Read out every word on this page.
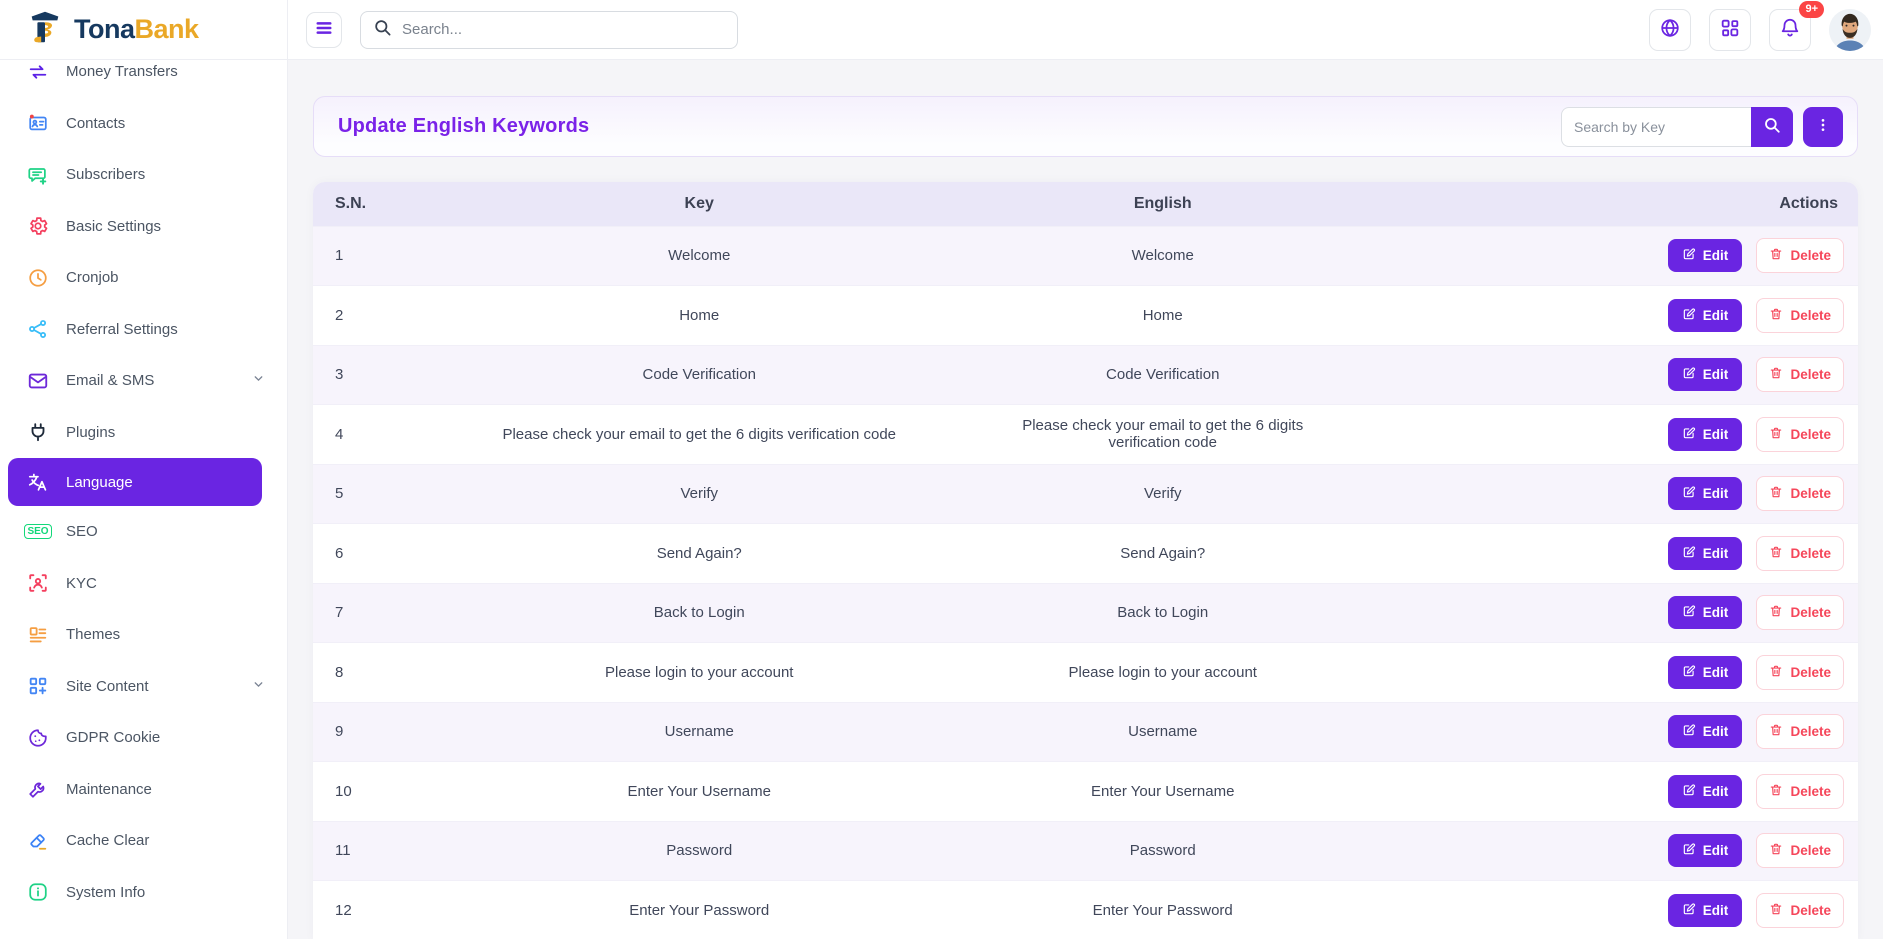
TonaBank
Search...
9+
Money Transfers
Contacts
Subscribers
Basic Settings
Cronjob
Referral Settings
Email & SMS
Plugins
Language
SEO SEO
KYC
Themes
Site Content
GDPR Cookie
Maintenance
Cache Clear
System Info
Update English Keywords
Search by Key
S.N.	Key	English	Actions
1	Welcome	Welcome	Edit
Delete

2	Home	Home	Edit
Delete

3	Code Verification	Code Verification	Edit
Delete

4	Please check your email to get the 6 digits verification code	Please check your email to get the 6 digits verification code	Edit
Delete

5	Verify	Verify	Edit
Delete

6	Send Again?	Send Again?	Edit
Delete

7	Back to Login	Back to Login	Edit
Delete

8	Please login to your account	Please login to your account	Edit
Delete

9	Username	Username	Edit
Delete

10	Enter Your Username	Enter Your Username	Edit
Delete

11	Password	Password	Edit
Delete

12	Enter Your Password	Enter Your Password	Edit
Delete
